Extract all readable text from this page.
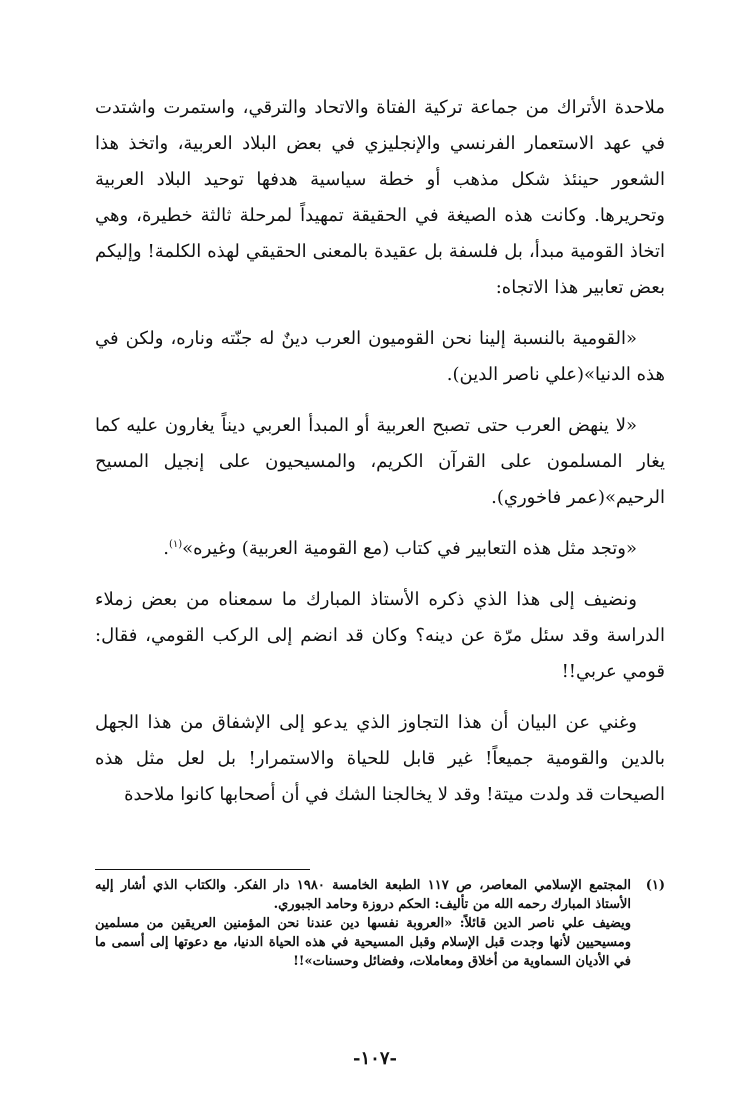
ملاحدة الأتراك من جماعة تركية الفتاة والاتحاد والترقي، واستمرت واشتدت في عهد الاستعمار الفرنسي والإنجليزي في بعض البلاد العربية، واتخذ هذا الشعور حينئذ شكل مذهب أو خطة سياسية هدفها توحيد البلاد العربية وتحريرها. وكانت هذه الصيغة في الحقيقة تمهيداً لمرحلة ثالثة خطيرة، وهي اتخاذ القومية مبدأ، بل فلسفة بل عقيدة بالمعنى الحقيقي لهذه الكلمة! وإليكم بعض تعابير هذا الاتجاه:

«القومية بالنسبة إلينا نحن القوميون العرب دينٌ له جنّته وناره، ولكن في هذه الدنيا»(علي ناصر الدين).

«لا ينهض العرب حتى تصبح العربية أو المبدأ العربي ديناً يغارون عليه كما يغار المسلمون على القرآن الكريم، والمسيحيون على إنجيل المسيح الرحيم»(عمر فاخوري).

«وتجد مثل هذه التعابير في كتاب (مع القومية العربية) وغيره»$^{(١)}$.

ونضيف إلى هذا الذي ذكره الأستاذ المبارك ما سمعناه من بعض زملاء الدراسة وقد سئل مرّة عن دينه؟ وكان قد انضم إلى الركب القومي، فقال: قومي عربي!!

وغني عن البيان أن هذا التجاوز الذي يدعو إلى الإشفاق من هذا الجهل بالدين والقومية جميعاً! غير قابل للحياة والاستمرار! بل لعل مثل هذه الصيحات قد ولدت ميتة! وقد لا يخالجنا الشك في أن أصحابها كانوا ملاحدة

(١)

المجتمع الإسلامي المعاصر، ص ١١٧ الطبعة الخامسة ١٩٨٠ دار الفكر. والكتاب الذي أشار إليه الأستاذ المبارك رحمه الله من تأليف: الحكم دروزة وحامد الجبوري.

ويضيف علي ناصر الدين قائلاً: «العروبة نفسها دين عندنا نحن المؤمنين العريقين من مسلمين ومسيحيين لأنها وجدت قبل الإسلام وقبل المسيحية في هذه الحياة الدنيا، مع دعوتها إلى أسمى ما في الأديان السماوية من أخلاق ومعاملات، وفضائل وحسنات»!!

-١٠٧-
